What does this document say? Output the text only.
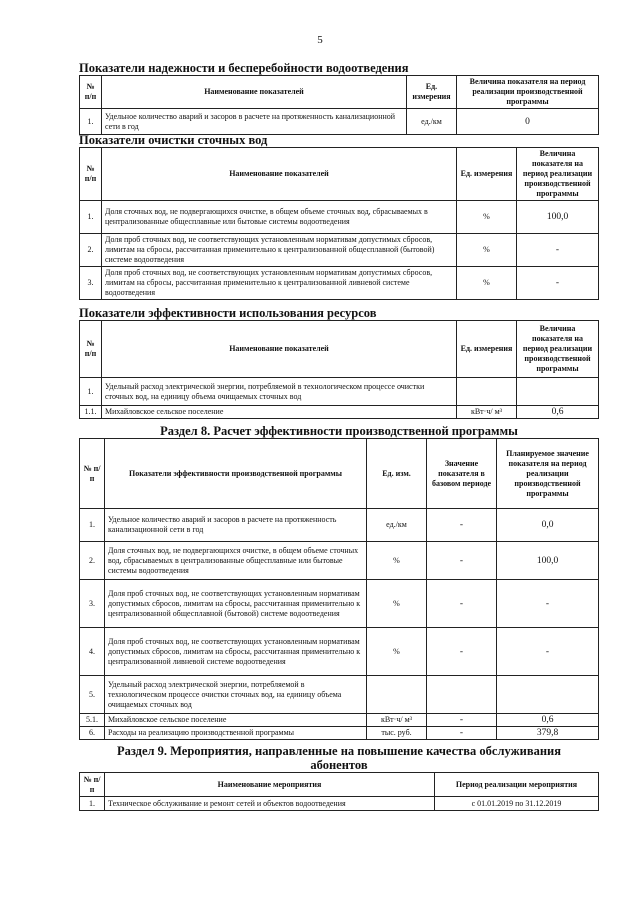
5
Показатели надежности и бесперебойности водоотведения
№ п/п	Наименование показателей	Ед. измерения	Величина показателя на период реализации производственной программы
1.	Удельное количество аварий и засоров в расчете на протяженность канализационной сети в год	ед./км	0
Показатели очистки сточных вод
№ п/п	Наименование показателей	Ед. измерения	Величина показателя на период реализации производственной программы
1.	Доля сточных вод, не подвергающихся очистке, в общем объеме сточных вод, сбрасываемых в централизованные общесплавные или бытовые системы водоотведения	%	100,0
2.	Доля проб сточных вод, не соответствующих установленным нормативам допустимых сбросов, лимитам на сбросы, рассчитанная применительно к централизованной общесплавной (бытовой) системе водоотведения	%	-
3.	Доля проб сточных вод, не соответствующих установленным нормативам допустимых сбросов, лимитам на сбросы, рассчитанная применительно к централизованной ливневой системе водоотведения	%	-
Показатели эффективности использования ресурсов
№ п/п	Наименование показателей	Ед. измерения	Величина показателя на период реализации производственной программы
1.	Удельный расход электрической энергии, потребляемой в технологическом процессе очистки сточных вод, на единицу объема очищаемых сточных вод		
1.1.	Михайловское сельское поселение	кВт·ч/ м³	0,6
Раздел 8. Расчет эффективности производственной программы
№ п/п	Показатели эффективности производственной программы	Ед. изм.	Значение показателя в базовом периоде	Планируемое значение показателя на период реализации производственной программы
1.	Удельное количество аварий и засоров в расчете на протяженность канализационной сети в год	ед./км	-	0,0
2.	Доля сточных вод, не подвергающихся очистке, в общем объеме сточных вод, сбрасываемых в централизованные общесплавные или бытовые системы водоотведения	%	-	100,0
3.	Доля проб сточных вод, не соответствующих установленным нормативам допустимых сбросов, лимитам на сбросы, рассчитанная применительно к централизованной общесплавной (бытовой) системе водоотведения	%	-	-
4.	Доля проб сточных вод, не соответствующих установленным нормативам допустимых сбросов, лимитам на сбросы, рассчитанная применительно к централизованной ливневой системе водоотведения	%	-	-
5.	Удельный расход электрической энергии, потребляемой в технологическом процессе очистки сточных вод, на единицу объема очищаемых сточных вод			
5.1.	Михайловское сельское поселение	кВт·ч/ м³	-	0,6
6.	Расходы на реализацию производственной программы	тыс. руб.	-	379,8
Раздел 9. Мероприятия, направленные на повышение качества обслуживания абонентов
№ п/п	Наименование мероприятия	Период реализации мероприятия
1.	Техническое обслуживание и ремонт сетей и объектов водоотведения	с 01.01.2019 по 31.12.2019
